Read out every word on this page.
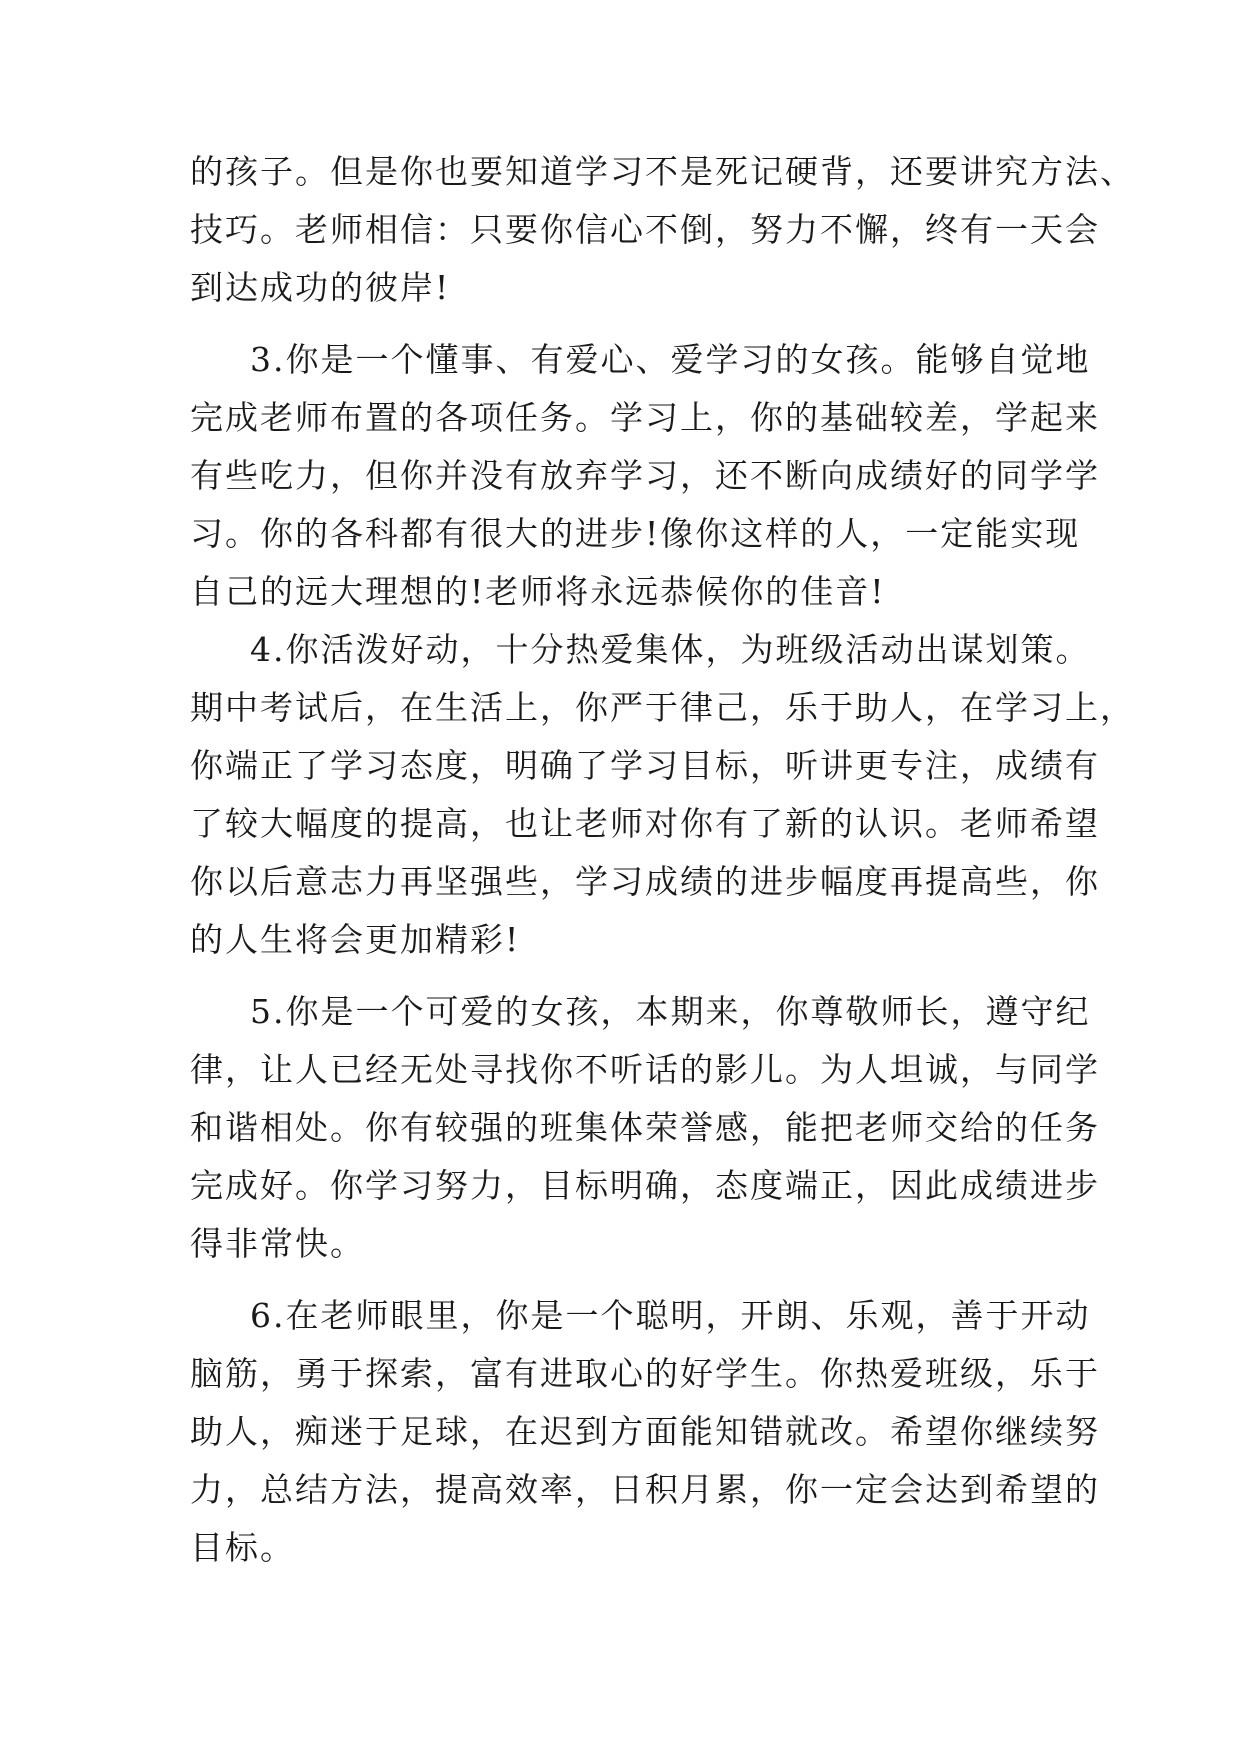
的孩子。但是你也要知道学习不是死记硬背，还要讲究方法、
技巧。老师相信：只要你信心不倒，努力不懈，终有一天会
到达成功的彼岸!
3.你是一个懂事、有爱心、爱学习的女孩。能够自觉地
完成老师布置的各项任务。学习上，你的基础较差，学起来
有些吃力，但你并没有放弃学习，还不断向成绩好的同学学
习。你的各科都有很大的进步!像你这样的人，一定能实现
自己的远大理想的!老师将永远恭候你的佳音!
4.你活泼好动，十分热爱集体，为班级活动出谋划策。
期中考试后，在生活上，你严于律己，乐于助人，在学习上，
你端正了学习态度，明确了学习目标，听讲更专注，成绩有
了较大幅度的提高，也让老师对你有了新的认识。老师希望
你以后意志力再坚强些，学习成绩的进步幅度再提高些，你
的人生将会更加精彩!
5.你是一个可爱的女孩，本期来，你尊敬师长，遵守纪
律，让人已经无处寻找你不听话的影儿。为人坦诚，与同学
和谐相处。你有较强的班集体荣誉感，能把老师交给的任务
完成好。你学习努力，目标明确，态度端正，因此成绩进步
得非常快。
6.在老师眼里，你是一个聪明，开朗、乐观，善于开动
脑筋，勇于探索，富有进取心的好学生。你热爱班级，乐于
助人，痴迷于足球，在迟到方面能知错就改。希望你继续努
力，总结方法，提高效率，日积月累，你一定会达到希望的
目标。
